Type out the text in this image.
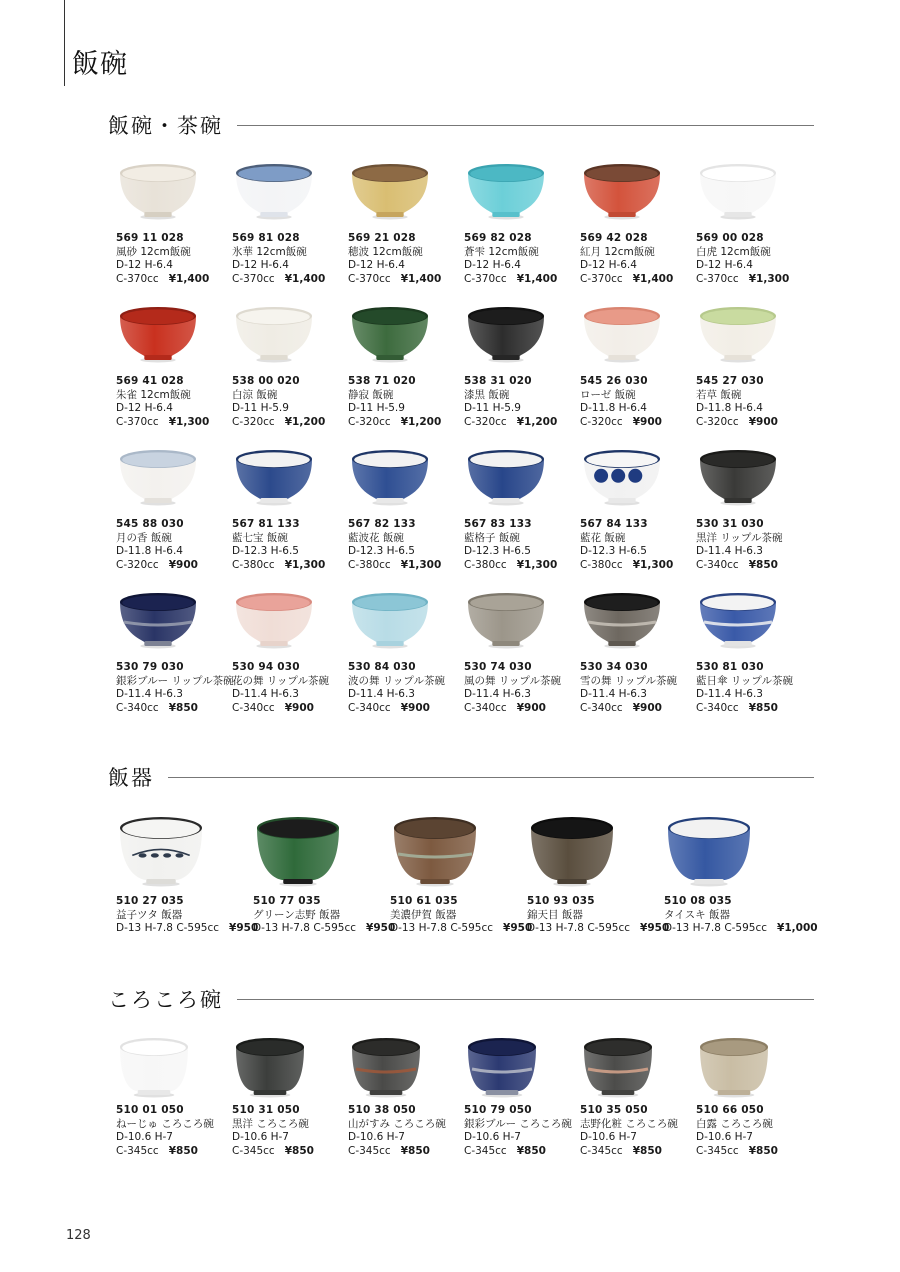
飯碗
飯碗・茶碗
569 11 028
風砂 12cm飯碗
D-12 H-6.4
C-370cc ¥1,400
569 81 028
氷華 12cm飯碗
D-12 H-6.4
C-370cc ¥1,400
569 21 028
穂波 12cm飯碗
D-12 H-6.4
C-370cc ¥1,400
569 82 028
蒼雫 12cm飯碗
D-12 H-6.4
C-370cc ¥1,400
569 42 028
紅月 12cm飯碗
D-12 H-6.4
C-370cc ¥1,400
569 00 028
白虎 12cm飯碗
D-12 H-6.4
C-370cc ¥1,300
569 41 028
朱雀 12cm飯碗
D-12 H-6.4
C-370cc ¥1,300
538 00 020
白涼 飯碗
D-11 H-5.9
C-320cc ¥1,200
538 71 020
静寂 飯碗
D-11 H-5.9
C-320cc ¥1,200
538 31 020
漆黒 飯碗
D-11 H-5.9
C-320cc ¥1,200
545 26 030
ローゼ 飯碗
D-11.8 H-6.4
C-320cc ¥900
545 27 030
若草 飯碗
D-11.8 H-6.4
C-320cc ¥900
545 88 030
月の香 飯碗
D-11.8 H-6.4
C-320cc ¥900
567 81 133
藍七宝 飯碗
D-12.3 H-6.5
C-380cc ¥1,300
567 82 133
藍波花 飯碗
D-12.3 H-6.5
C-380cc ¥1,300
567 83 133
藍格子 飯碗
D-12.3 H-6.5
C-380cc ¥1,300
567 84 133
藍花 飯碗
D-12.3 H-6.5
C-380cc ¥1,300
530 31 030
黒洋 リップル茶碗
D-11.4 H-6.3
C-340cc ¥850
530 79 030
銀彩ブルー リップル茶碗
D-11.4 H-6.3
C-340cc ¥850
530 94 030
花の舞 リップル茶碗
D-11.4 H-6.3
C-340cc ¥900
530 84 030
波の舞 リップル茶碗
D-11.4 H-6.3
C-340cc ¥900
530 74 030
風の舞 リップル茶碗
D-11.4 H-6.3
C-340cc ¥900
530 34 030
雪の舞 リップル茶碗
D-11.4 H-6.3
C-340cc ¥900
530 81 030
藍日傘 リップル茶碗
D-11.4 H-6.3
C-340cc ¥850
飯器
510 27 035
益子ツタ 飯器
D-13 H-7.8 C-595cc ¥950
510 77 035
グリーン志野 飯器
D-13 H-7.8 C-595cc ¥950
510 61 035
美濃伊賀 飯器
D-13 H-7.8 C-595cc ¥950
510 93 035
錦天目 飯器
D-13 H-7.8 C-595cc ¥950
510 08 035
タイスキ 飯器
D-13 H-7.8 C-595cc ¥1,000
ころころ碗
510 01 050
ねーじゅ ころころ碗
D-10.6 H-7
C-345cc ¥850
510 31 050
黒洋 ころころ碗
D-10.6 H-7
C-345cc ¥850
510 38 050
山がすみ ころころ碗
D-10.6 H-7
C-345cc ¥850
510 79 050
銀彩ブルー ころころ碗
D-10.6 H-7
C-345cc ¥850
510 35 050
志野化粧 ころころ碗
D-10.6 H-7
C-345cc ¥850
510 66 050
白露 ころころ碗
D-10.6 H-7
C-345cc ¥850
128
